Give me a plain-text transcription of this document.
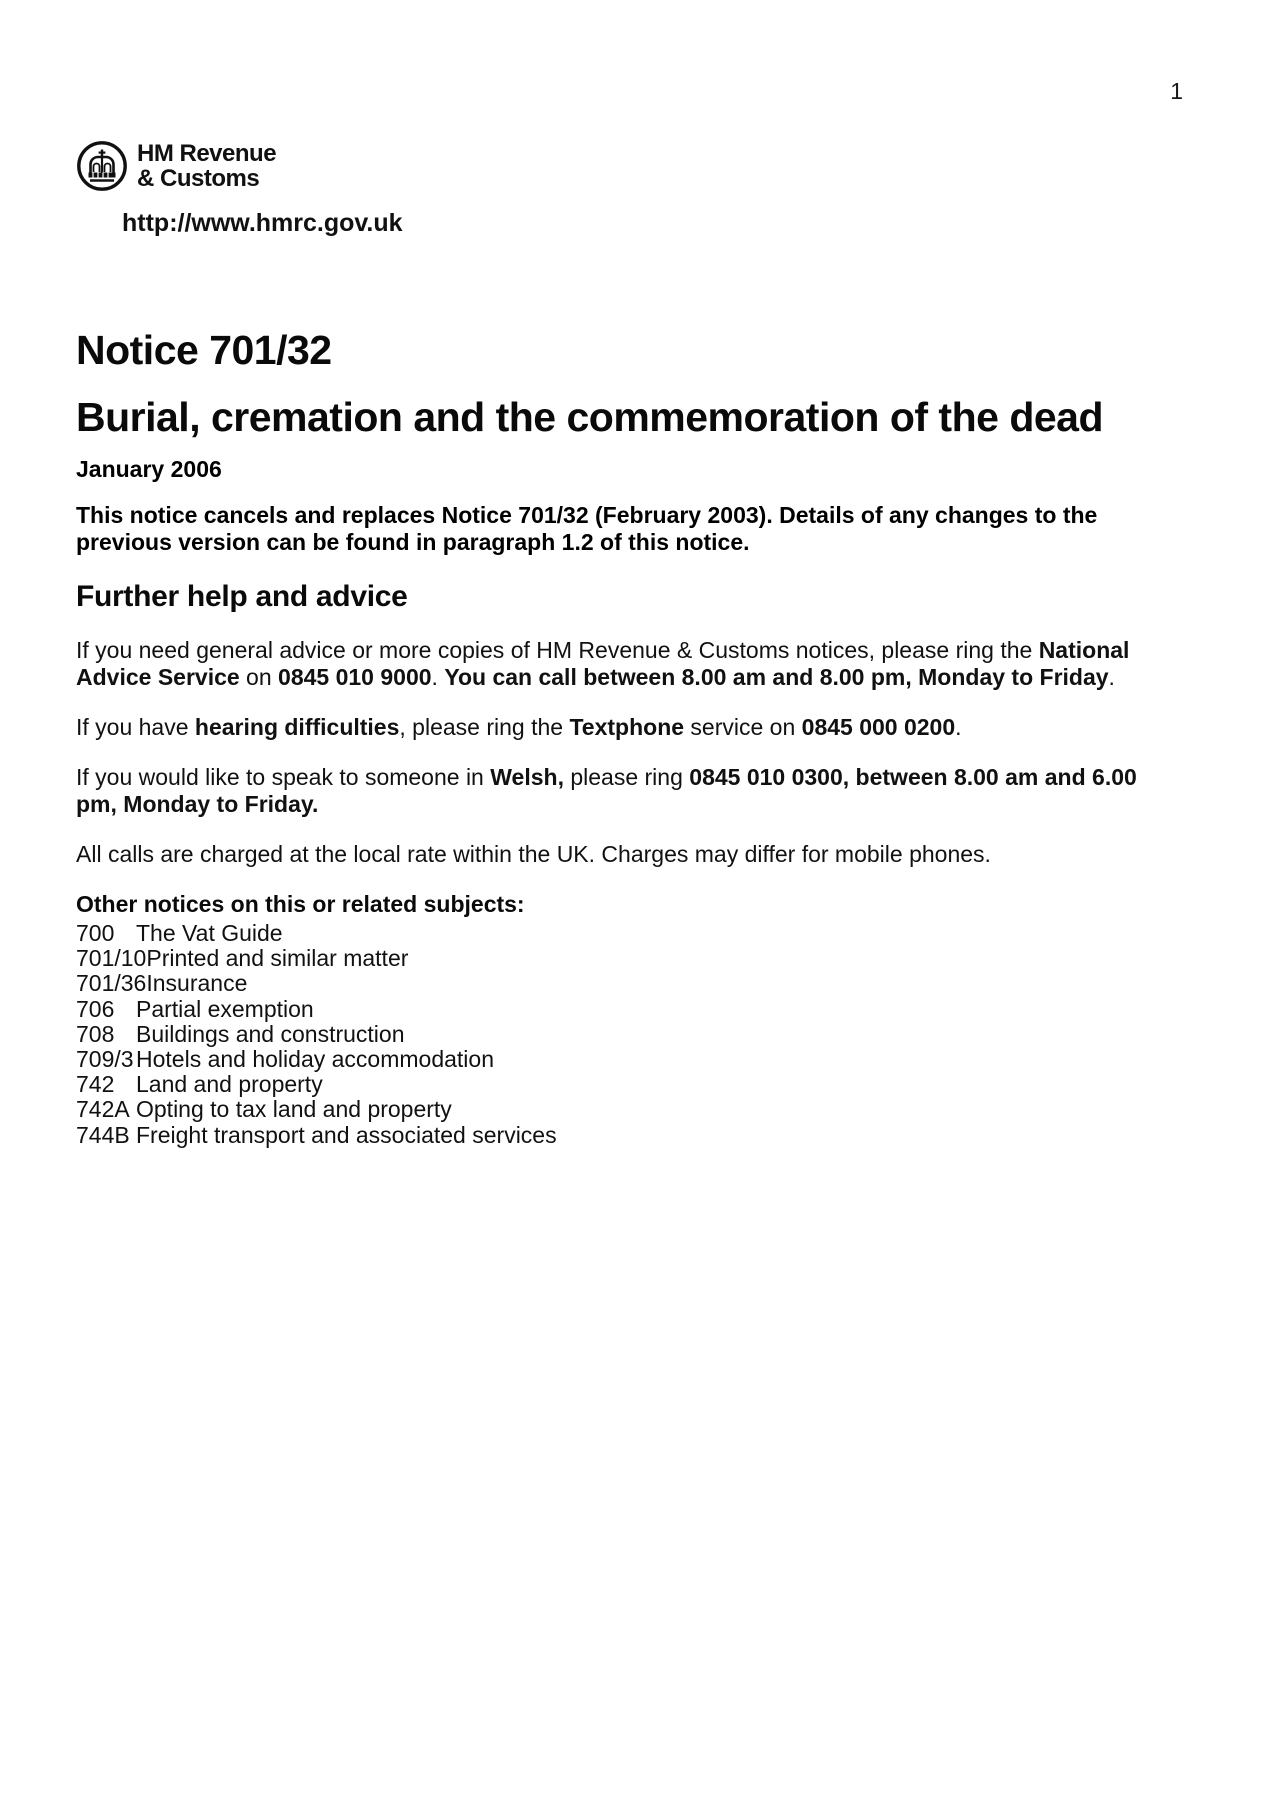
1
HM Revenue
& Customs
http://www.hmrc.gov.uk
Notice 701/32
Burial, cremation and the commemoration of the dead
January 2006

This notice cancels and replaces Notice 701/32 (February 2003). Details of any changes to the previous version can be found in paragraph 1.2 of this notice.

Further help and advice

If you need general advice or more copies of HM Revenue & Customs notices, please ring the National Advice Service on 0845 010 9000. You can call between 8.00 am and 8.00 pm, Monday to Friday.

If you have hearing difficulties, please ring the Textphone service on 0845 000 0200.

If you would like to speak to someone in Welsh, please ring 0845 010 0300, between 8.00 am and 6.00 pm, Monday to Friday.

All calls are charged at the local rate within the UK. Charges may differ for mobile phones.

Other notices on this or related subjects:
700 The Vat Guide
701/10 Printed and similar matter
701/36 Insurance
706 Partial exemption
708 Buildings and construction
709/3 Hotels and holiday accommodation
742 Land and property
742A Opting to tax land and property
744B Freight transport and associated services
